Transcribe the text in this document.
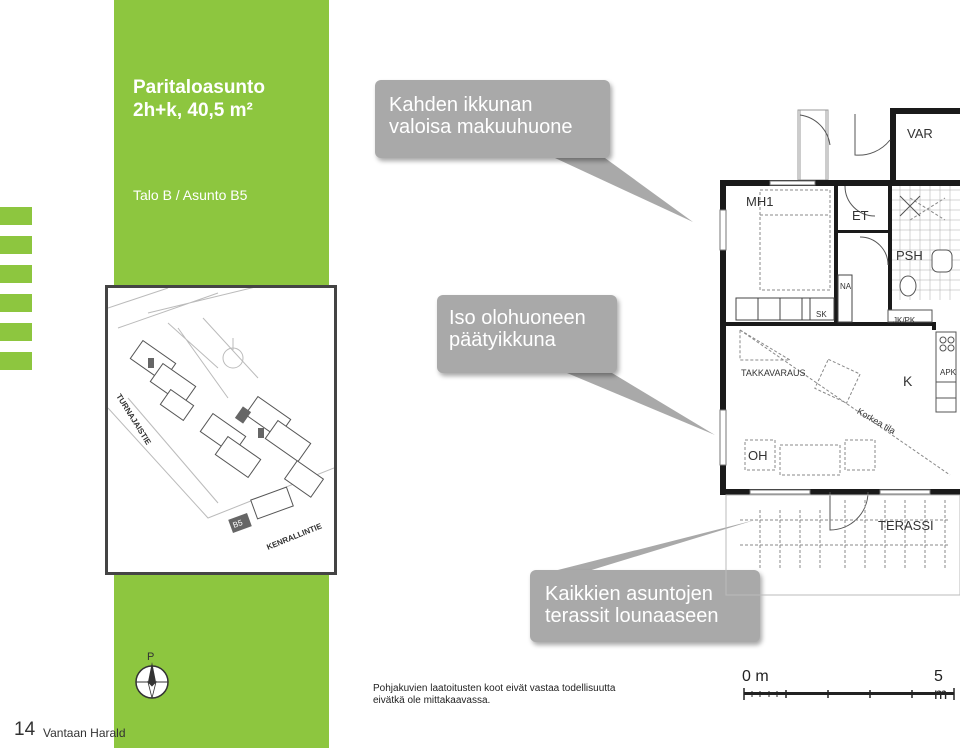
Paritaloasunto
2h+k, 40,5 m²
Talo B / Asunto B5
TURNAJAISTIE
KENRALLINTIE
B5
Kahden ikkunan
valoisa makuuhuone
Iso olohuoneen
päätyikkuna
Kaikkien asuntojen
terassit lounaaseen
VAR
MH1
ET
PSH
NA
SK
JK/PK
APK
K
TAKKAVARAUS
Korkea tila
OH
TERASSI
P
Pohjakuvien laatoitusten koot eivät vastaa todellisuutta
eivätkä ole mittakaavassa.
0 m	5
14 Vantaan Harald
